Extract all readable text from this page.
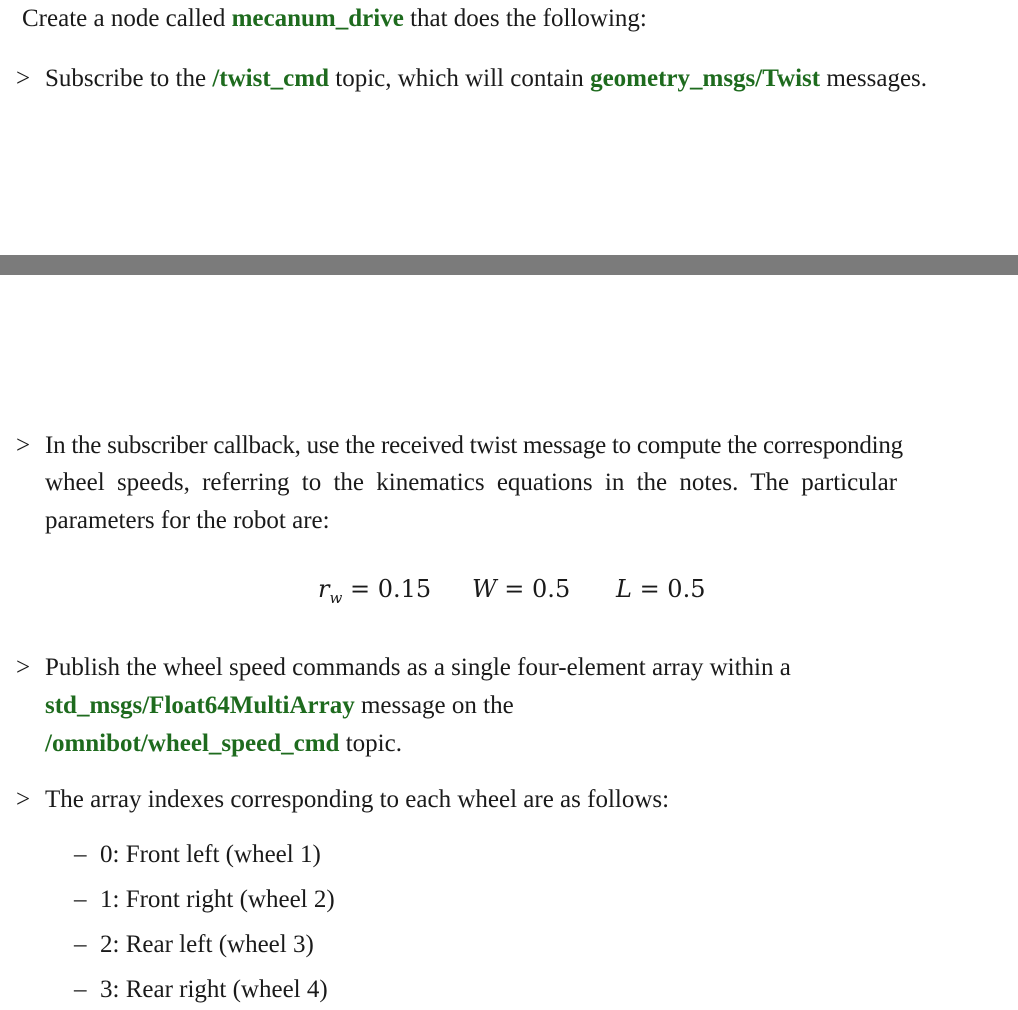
Create a node called mecanum_drive that does the following:
> Subscribe to the /twist_cmd topic, which will contain geometry_msgs/Twist messages.
> In the subscriber callback, use the received twist message to compute the corresponding
wheel speeds, referring to the kinematics equations in the notes. The particular
parameters for the robot are:
$r_w = 0.15$ W = 0.5 L = 0.5
> Publish the wheel speed commands as a single four-element array within a
std_msgs/Float64MultiArray message on the
/omnibot/wheel_speed_cmd topic.
> The array indexes corresponding to each wheel are as follows:
– 0: Front left (wheel 1)
– 1: Front right (wheel 2)
– 2: Rear left (wheel 3)
– 3: Rear right (wheel 4)
